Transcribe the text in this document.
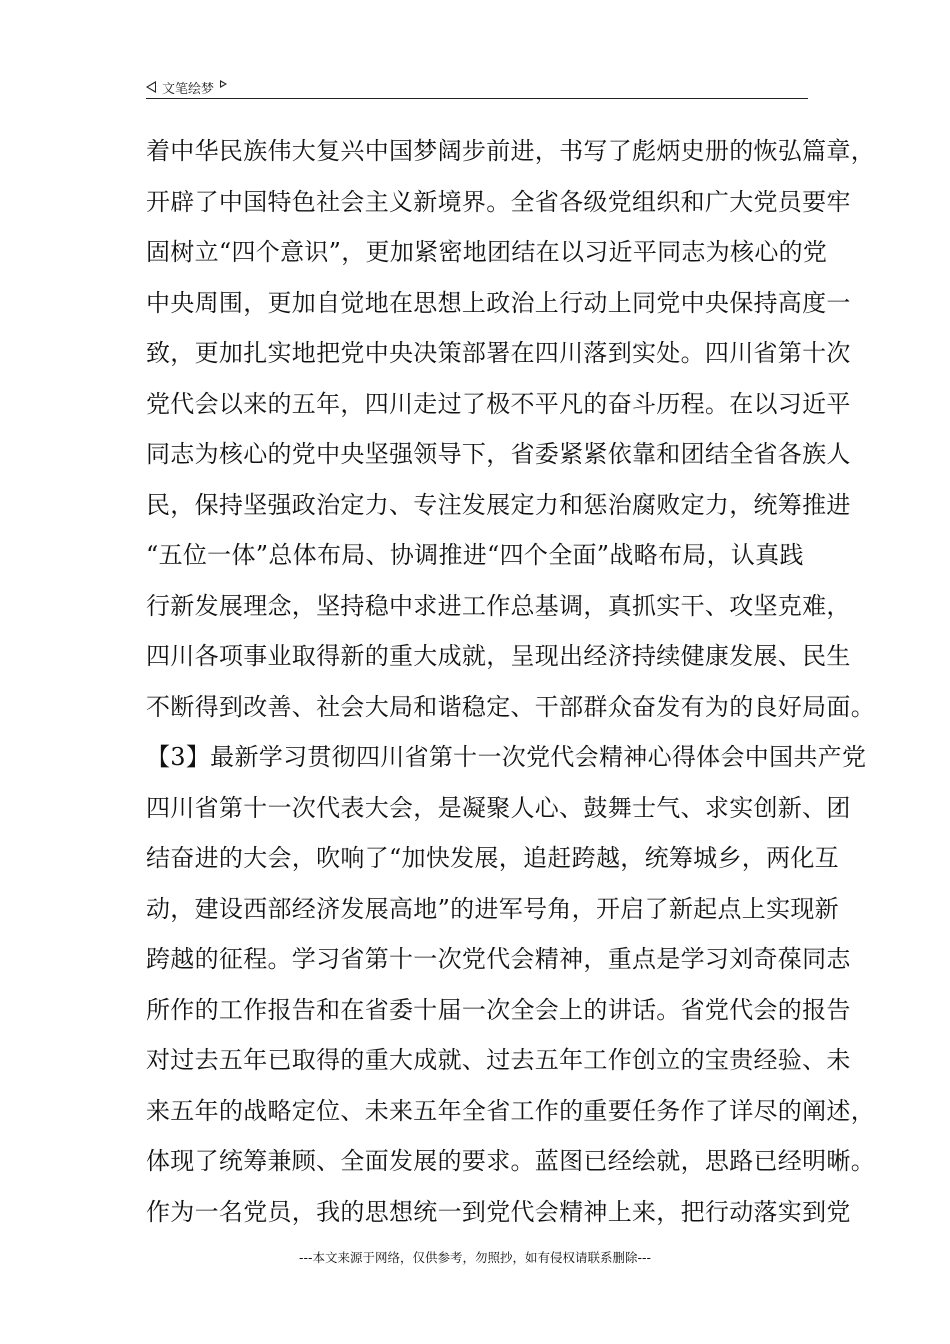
文笔绘梦
着中华民族伟大复兴中国梦阔步前进，书写了彪炳史册的恢弘篇章，
开辟了中国特色社会主义新境界。全省各级党组织和广大党员要牢
固树立“四个意识”，更加紧密地团结在以习近平同志为核心的党
中央周围，更加自觉地在思想上政治上行动上同党中央保持高度一
致，更加扎实地把党中央决策部署在四川落到实处。四川省第十次
党代会以来的五年，四川走过了极不平凡的奋斗历程。在以习近平
同志为核心的党中央坚强领导下，省委紧紧依靠和团结全省各族人
民，保持坚强政治定力、专注发展定力和惩治腐败定力，统筹推进
“五位一体”总体布局、协调推进“四个全面”战略布局，认真践
行新发展理念，坚持稳中求进工作总基调，真抓实干、攻坚克难，
四川各项事业取得新的重大成就，呈现出经济持续健康发展、民生
不断得到改善、社会大局和谐稳定、干部群众奋发有为的良好局面。
【3】最新学习贯彻四川省第十一次党代会精神心得体会中国共产党
四川省第十一次代表大会，是凝聚人心、鼓舞士气、求实创新、团
结奋进的大会，吹响了“加快发展，追赶跨越，统筹城乡，两化互
动，建设西部经济发展高地”的进军号角，开启了新起点上实现新
跨越的征程。学习省第十一次党代会精神，重点是学习刘奇葆同志
所作的工作报告和在省委十届一次全会上的讲话。省党代会的报告
对过去五年已取得的重大成就、过去五年工作创立的宝贵经验、未
来五年的战略定位、未来五年全省工作的重要任务作了详尽的阐述，
体现了统筹兼顾、全面发展的要求。蓝图已经绘就，思路已经明晰。
作为一名党员，我的思想统一到党代会精神上来，把行动落实到党
---本文来源于网络，仅供参考，勿照抄，如有侵权请联系删除---
